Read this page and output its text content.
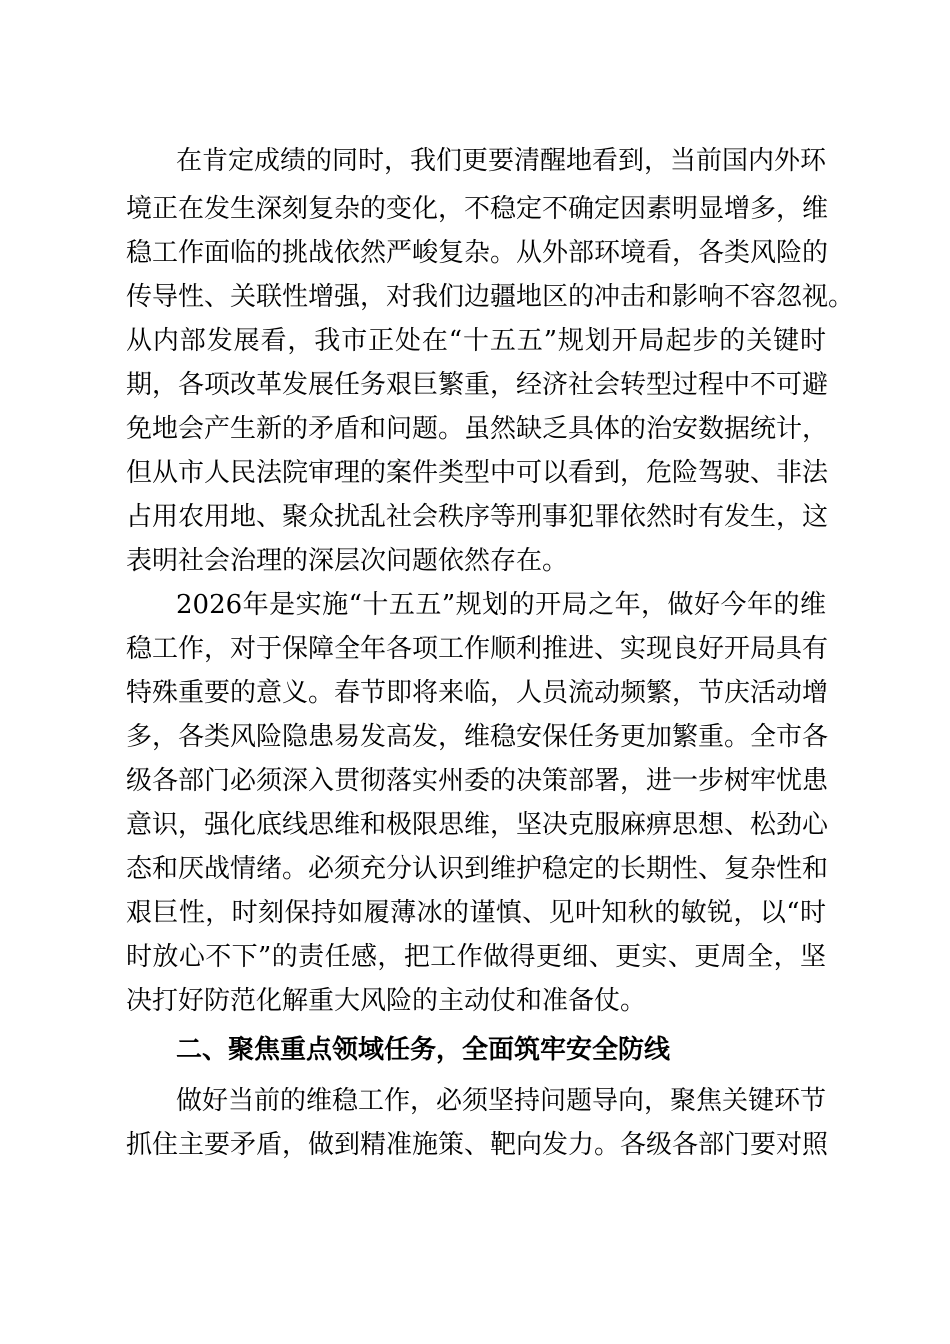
在肯定成绩的同时，我们更要清醒地看到，当前国内外环
境正在发生深刻复杂的变化，不稳定不确定因素明显增多，维
稳工作面临的挑战依然严峻复杂。从外部环境看，各类风险的
传导性、关联性增强，对我们边疆地区的冲击和影响不容忽视。
从内部发展看，我市正处在“十五五”规划开局起步的关键时
期，各项改革发展任务艰巨繁重，经济社会转型过程中不可避
免地会产生新的矛盾和问题。虽然缺乏具体的治安数据统计，
但从市人民法院审理的案件类型中可以看到，危险驾驶、非法
占用农用地、聚众扰乱社会秩序等刑事犯罪依然时有发生，这
表明社会治理的深层次问题依然存在。
2026年是实施“十五五”规划的开局之年，做好今年的维
稳工作，对于保障全年各项工作顺利推进、实现良好开局具有
特殊重要的意义。春节即将来临，人员流动频繁，节庆活动增
多，各类风险隐患易发高发，维稳安保任务更加繁重。全市各
级各部门必须深入贯彻落实州委的决策部署，进一步树牢忧患
意识，强化底线思维和极限思维，坚决克服麻痹思想、松劲心
态和厌战情绪。必须充分认识到维护稳定的长期性、复杂性和
艰巨性，时刻保持如履薄冰的谨慎、见叶知秋的敏锐，以“时
时放心不下”的责任感，把工作做得更细、更实、更周全，坚
决打好防范化解重大风险的主动仗和准备仗。
二、聚焦重点领域任务，全面筑牢安全防线
做好当前的维稳工作，必须坚持问题导向，聚焦关键环节
抓住主要矛盾，做到精准施策、靶向发力。各级各部门要对照
